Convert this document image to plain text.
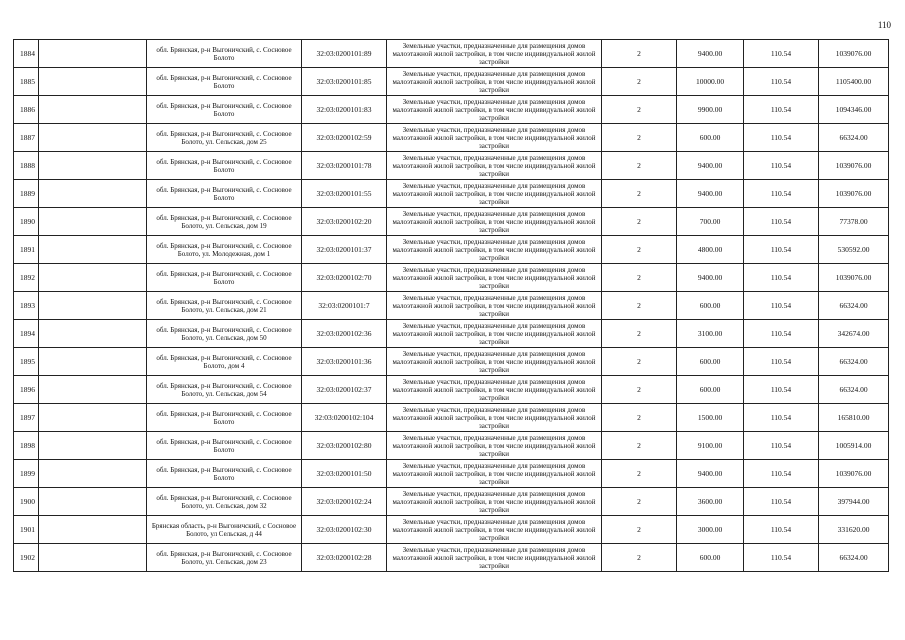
110
1884		обл. Брянская, р-н Выгоничский, с. Сосновое Болото	32:03:0200101:89	Земельные участки, предназначенные для размещения домов малоэтажной жилой застройки, в том числе индивидуальной жилой застройки	2	9400.00	110.54	1039076.00
1885		обл. Брянская, р-н Выгоничский, с. Сосновое Болото	32:03:0200101:85	Земельные участки, предназначенные для размещения домов малоэтажной жилой застройки, в том числе индивидуальной жилой застройки	2	10000.00	110.54	1105400.00
1886		обл. Брянская, р-н Выгоничский, с. Сосновое Болото	32:03:0200101:83	Земельные участки, предназначенные для размещения домов малоэтажной жилой застройки, в том числе индивидуальной жилой застройки	2	9900.00	110.54	1094346.00
1887		обл. Брянская, р-н Выгоничский, с. Сосновое Болото, ул. Сельская, дом 25	32:03:0200102:59	Земельные участки, предназначенные для размещения домов малоэтажной жилой застройки, в том числе индивидуальной жилой застройки	2	600.00	110.54	66324.00
1888		обл. Брянская, р-н Выгоничский, с. Сосновое Болото	32:03:0200101:78	Земельные участки, предназначенные для размещения домов малоэтажной жилой застройки, в том числе индивидуальной жилой застройки	2	9400.00	110.54	1039076.00
1889		обл. Брянская, р-н Выгоничский, с. Сосновое Болото	32:03:0200101:55	Земельные участки, предназначенные для размещения домов малоэтажной жилой застройки, в том числе индивидуальной жилой застройки	2	9400.00	110.54	1039076.00
1890		обл. Брянская, р-н Выгоничский, с. Сосновое Болото, ул. Сельская, дом 19	32:03:0200102:20	Земельные участки, предназначенные для размещения домов малоэтажной жилой застройки, в том числе индивидуальной жилой застройки	2	700.00	110.54	77378.00
1891		обл. Брянская, р-н Выгоничский, с. Сосновое Болото, ул. Молодежная, дом 1	32:03:0200101:37	Земельные участки, предназначенные для размещения домов малоэтажной жилой застройки, в том числе индивидуальной жилой застройки	2	4800.00	110.54	530592.00
1892		обл. Брянская, р-н Выгоничский, с. Сосновое Болото	32:03:0200102:70	Земельные участки, предназначенные для размещения домов малоэтажной жилой застройки, в том числе индивидуальной жилой застройки	2	9400.00	110.54	1039076.00
1893		обл. Брянская, р-н Выгоничский, с. Сосновое Болото, ул. Сельская, дом 21	32:03:0200101:7	Земельные участки, предназначенные для размещения домов малоэтажной жилой застройки, в том числе индивидуальной жилой застройки	2	600.00	110.54	66324.00
1894		обл. Брянская, р-н Выгоничский, с. Сосновое Болото, ул. Сельская, дом 50	32:03:0200102:36	Земельные участки, предназначенные для размещения домов малоэтажной жилой застройки, в том числе индивидуальной жилой застройки	2	3100.00	110.54	342674.00
1895		обл. Брянская, р-н Выгоничский, с. Сосновое Болото, дом 4	32:03:0200101:36	Земельные участки, предназначенные для размещения домов малоэтажной жилой застройки, в том числе индивидуальной жилой застройки	2	600.00	110.54	66324.00
1896		обл. Брянская, р-н Выгоничский, с. Сосновое Болото, ул. Сельская, дом 54	32:03:0200102:37	Земельные участки, предназначенные для размещения домов малоэтажной жилой застройки, в том числе индивидуальной жилой застройки	2	600.00	110.54	66324.00
1897		обл. Брянская, р-н Выгоничский, с. Сосновое Болото	32:03:0200102:104	Земельные участки, предназначенные для размещения домов малоэтажной жилой застройки, в том числе индивидуальной жилой застройки	2	1500.00	110.54	165810.00
1898		обл. Брянская, р-н Выгоничский, с. Сосновое Болото	32:03:0200102:80	Земельные участки, предназначенные для размещения домов малоэтажной жилой застройки, в том числе индивидуальной жилой застройки	2	9100.00	110.54	1005914.00
1899		обл. Брянская, р-н Выгоничский, с. Сосновое Болото	32:03:0200101:50	Земельные участки, предназначенные для размещения домов малоэтажной жилой застройки, в том числе индивидуальной жилой застройки	2	9400.00	110.54	1039076.00
1900		обл. Брянская, р-н Выгоничский, с. Сосновое Болото, ул. Сельская, дом 32	32:03:0200102:24	Земельные участки, предназначенные для размещения домов малоэтажной жилой застройки, в том числе индивидуальной жилой застройки	2	3600.00	110.54	397944.00
1901		Брянская область, р-н Выгоничский, с Сосновое Болото, ул Сельская, д 44	32:03:0200102:30	Земельные участки, предназначенные для размещения домов малоэтажной жилой застройки, в том числе индивидуальной жилой застройки	2	3000.00	110.54	331620.00
1902		обл. Брянская, р-н Выгоничский, с. Сосновое Болото, ул. Сельская, дом 23	32:03:0200102:28	Земельные участки, предназначенные для размещения домов малоэтажной жилой застройки, в том числе индивидуальной жилой застройки	2	600.00	110.54	66324.00
